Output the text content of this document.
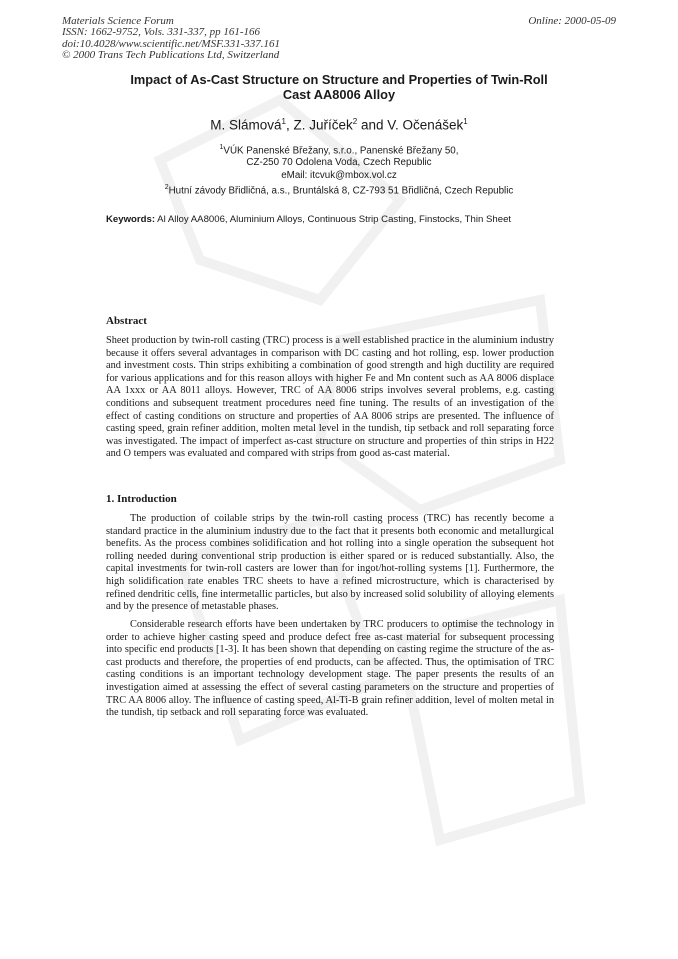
Materials Science Forum
ISSN: 1662-9752, Vols. 331-337, pp 161-166
doi:10.4028/www.scientific.net/MSF.331-337.161
© 2000 Trans Tech Publications Ltd, Switzerland
Online: 2000-05-09
Impact of As-Cast Structure on Structure and Properties of Twin-Roll
Cast AA8006 Alloy
M. Slámová$^1$, Z. Juříček$^2$ and V. Očenášek$^1$
$^1$VÚK Panenské Břežany, s.r.o., Panenské Břežany 50,
CZ-250 70 Odolena Voda, Czech Republic
eMail: itcvuk@mbox.vol.cz
$^2$Hutní závody Břidličná, a.s., Bruntálská 8, CZ-793 51 Břidličná, Czech Republic
Keywords: Al Alloy AA8006, Aluminium Alloys, Continuous Strip Casting, Finstocks, Thin Sheet
Abstract

Sheet production by twin-roll casting (TRC) process is a well established practice in the aluminium industry because it offers several advantages in comparison with DC casting and hot rolling, esp. lower production and investment costs. Thin strips exhibiting a combination of good strength and high ductility are required for various applications and for this reason alloys with higher Fe and Mn content such as AA 8006 displace AA 1xxx or AA 8011 alloys. However, TRC of AA 8006 strips involves several problems, e.g. casting conditions and subsequent treatment procedures need fine tuning. The results of an investigation of the effect of casting conditions on structure and properties of AA 8006 strips are presented. The influence of casting speed, grain refiner addition, molten metal level in the tundish, tip setback and roll separating force was investigated. The impact of imperfect as-cast structure on structure and properties of thin strips in H22 and O tempers was evaluated and compared with strips from good as-cast material.

1. Introduction

The production of coilable strips by the twin-roll casting process (TRC) has recently become a standard practice in the aluminium industry due to the fact that it presents both economic and metallurgical benefits. As the process combines solidification and hot rolling into a single operation the subsequent hot rolling needed during conventional strip production is either spared or is reduced substantially. Also, the capital investments for twin-roll casters are lower than for ingot/hot-rolling systems [1]. Furthermore, the high solidification rate enables TRC sheets to have a refined microstructure, which is characterised by refined dendritic cells, fine intermetallic particles, but also by increased solid solubility of alloying elements and by the presence of metastable phases.

Considerable research efforts have been undertaken by TRC producers to optimise the technology in order to achieve higher casting speed and produce defect free as-cast material for subsequent processing into specific end products [1-3]. It has been shown that depending on casting regime the structure of the as-cast products and therefore, the properties of end products, can be affected. Thus, the optimisation of TRC casting conditions is an important technology development stage. The paper presents the results of an investigation aimed at assessing the effect of several casting parameters on the structure and properties of TRC AA 8006 alloy. The influence of casting speed, Al-Ti-B grain refiner addition, level of molten metal in the tundish, tip setback and roll separating force was evaluated.
